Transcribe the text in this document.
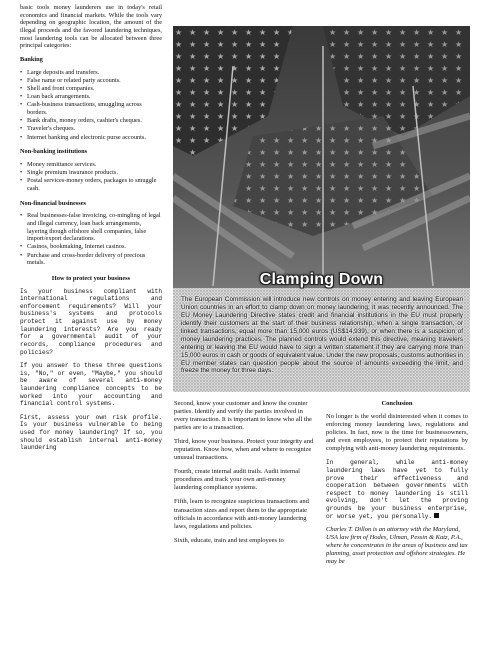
basic tools money launderers use in today's retail economics and financial markets. While the tools vary depending on geographic location, the amount of the illegal proceeds and the favored laundering techniques, most laundering tools can be allocated between three principal categories:

Banking
• Large deposits and transfers.
• False name or related party accounts.
• Shell and front companies.
• Loan back arrangements.
• Cash-business transactions, smuggling across borders.
• Bank drafts, money orders, cashier's cheques.
• Traveler's cheques.
• Internet banking and electronic purse accounts.
Non-banking institutions
• Money remittance services.
• Single premium insurance products.
• Postal services-money orders, packages to smuggle cash.
Non-financial businesses
• Real businesses-false invoicing, co-mingling of legal and illegal currency, loan back arrangements, layering though offshore shell companies, false import/export declarations.
• Casinos, bookmaking, Internet casinos.
• Purchase and cross-border delivery of precious metals.
How to protect your business

Is your business compliant with international regulations and enforcement requirements? Will your business's systems and protocols protect it against use by money laundering interests? Are you ready for a governmental audit of your records, compliance procedures and policies?

If you answer to these three questions is, "No," or even, "Maybe," you should be aware of several anti-money laundering compliance concepts to be worked into your accounting and financial control systems.

First, assess your own risk profile. Is your business vulnerable to being used for money laundering? If so, you should establish internal anti-money laundering

Clamping Down
The European Commission will introduce new controls on money entering and leaving European Union countries in an effort to clamp down on money laundering, it was recently announced. The EU Money Laundering Directive states credit and financial institutions in the EU must properly identify their customers at the start of their business relationship, when a single transaction, or linked transactions, equal more than 15,000 euros (US$14,939), or when there is a suspicion of money laundering practices. The planned controls would extend this directive, meaning travelers entering or leaving the EU would have to sign a written statement if they are carrying more than 15,000 euros in cash or goods of equivalent value. Under the new proposals, customs authorities in EU member states can question people about the source of amounts exceeding the limit, and freeze the money for three days.

Second, know your customer and know the counter parties. Identify and verify the parties involved in every transaction. It is important to know who all the parties are to a transaction.

Third, know your business. Protect your integrity and reputation. Know how, when and where to recognize unusual transactions.

Fourth, create internal audit trails. Audit internal procedures and track your own anti-money laundering compliance systems.

Fifth, learn to recognize suspicious transactions and transaction sizes and report them to the appropriate officials in accordance with anti-money laundering laws, regulations and policies.

Sixth, educate, train and test employees to

Conclusion

No longer is the world disinterested when it comes to enforcing money laundering laws, regulations and policies. In fact, now is the time for businessowners, and even employees, to protect their reputations by complying with anti-money laundering requirements.

In general, while anti-money laundering laws have yet to fully prove their effectiveness and cooperation between governments with respect to money laundering is still evolving, don't let the proving grounds be your business enterprise, or worse yet, you personally.

Charles T. Dillon is an attorney with the Maryland, USA law firm of Hodes, Ulman, Pessin & Katz, P.A., where he concentrates in the areas of business and tax planning, asset protection and offshore strategies. He may be
